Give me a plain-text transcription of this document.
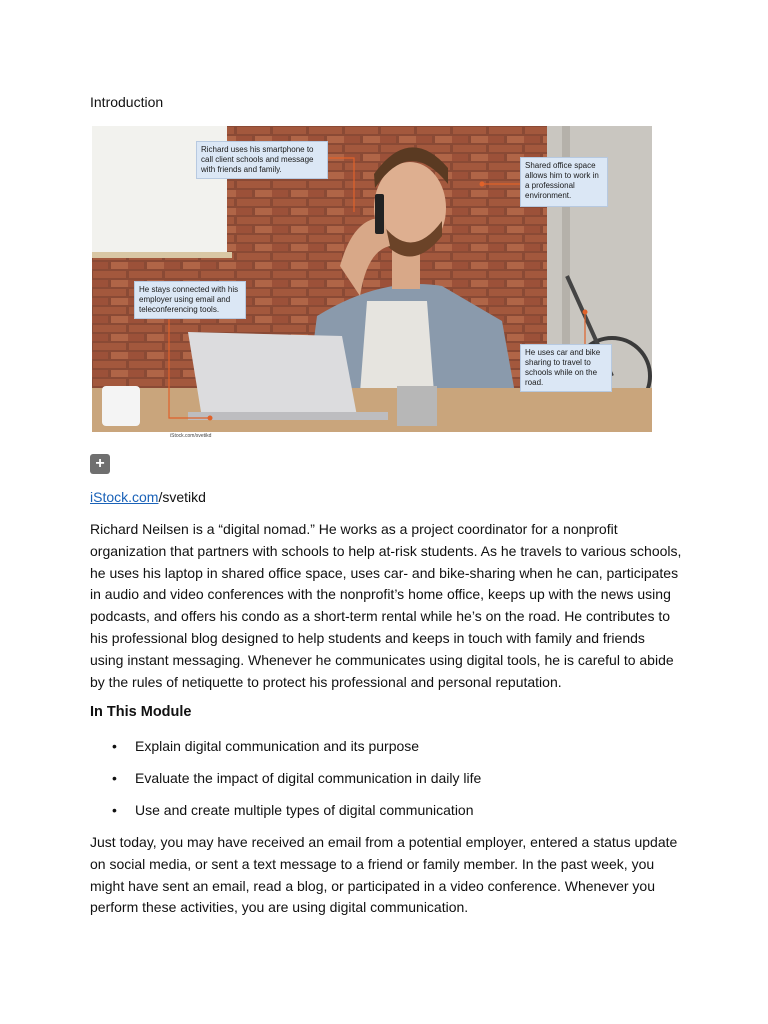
Introduction
Richard uses his smartphone to call client schools and message with friends and family.	Shared office space allows him to work in a professional environment.
He stays connected with his employer using email and teleconferencing tools.
He uses car and bike sharing to travel to schools while on the road.
iStock.com/svetikd
+
iStock.com/svetikd

Richard Neilsen is a “digital nomad.” He works as a project coordinator for a nonprofit organization that partners with schools to help at-risk students. As he travels to various schools, he uses his laptop in shared office space, uses car- and bike-sharing when he can, participates in audio and video conferences with the nonprofit’s home office, keeps up with the news using podcasts, and offers his condo as a short-term rental while he’s on the road. He contributes to his professional blog designed to help students and keeps in touch with family and friends using instant messaging. Whenever he communicates using digital tools, he is careful to abide by the rules of netiquette to protect his professional and personal reputation.

In This Module
• Explain digital communication and its purpose
• Evaluate the impact of digital communication in daily life
• Use and create multiple types of digital communication

Just today, you may have received an email from a potential employer, entered a status update on social media, or sent a text message to a friend or family member. In the past week, you might have sent an email, read a blog, or participated in a video conference. Whenever you perform these activities, you are using digital communication.
